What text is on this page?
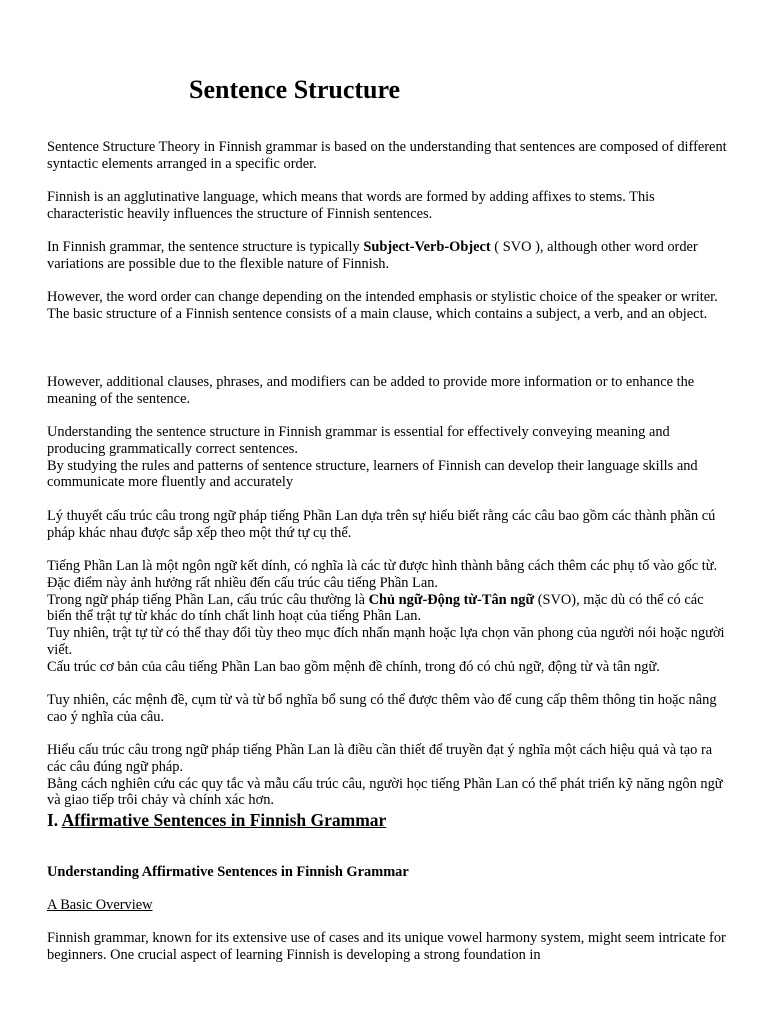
Sentence Structure

Sentence Structure Theory in Finnish grammar is based on the understanding that sentences are composed of different syntactic elements arranged in a specific order.

Finnish is an agglutinative language, which means that words are formed by adding affixes to stems. This characteristic heavily influences the structure of Finnish sentences.

In Finnish grammar, the sentence structure is typically Subject-Verb-Object ( SVO ), although other word order variations are possible due to the flexible nature of Finnish.

However, the word order can change depending on the intended emphasis or stylistic choice of the speaker or writer.
The basic structure of a Finnish sentence consists of a main clause, which contains a subject, a verb, and an object.

However, additional clauses, phrases, and modifiers can be added to provide more information or to enhance the meaning of the sentence.

Understanding the sentence structure in Finnish grammar is essential for effectively conveying meaning and producing grammatically correct sentences.
By studying the rules and patterns of sentence structure, learners of Finnish can develop their language skills and communicate more fluently and accurately

Lý thuyết cấu trúc câu trong ngữ pháp tiếng Phần Lan dựa trên sự hiểu biết rằng các câu bao gồm các thành phần cú pháp khác nhau được sắp xếp theo một thứ tự cụ thể.

Tiếng Phần Lan là một ngôn ngữ kết dính, có nghĩa là các từ được hình thành bằng cách thêm các phụ tố vào gốc từ. Đặc điểm này ảnh hưởng rất nhiều đến cấu trúc câu tiếng Phần Lan.
Trong ngữ pháp tiếng Phần Lan, cấu trúc câu thường là Chủ ngữ-Động từ-Tân ngữ (SVO), mặc dù có thể có các biến thể trật tự từ khác do tính chất linh hoạt của tiếng Phần Lan.
Tuy nhiên, trật tự từ có thể thay đổi tùy theo mục đích nhấn mạnh hoặc lựa chọn văn phong của người nói hoặc người viết.
Cấu trúc cơ bản của câu tiếng Phần Lan bao gồm mệnh đề chính, trong đó có chủ ngữ, động từ và tân ngữ.

Tuy nhiên, các mệnh đề, cụm từ và từ bổ nghĩa bổ sung có thể được thêm vào để cung cấp thêm thông tin hoặc nâng cao ý nghĩa của câu.

Hiểu cấu trúc câu trong ngữ pháp tiếng Phần Lan là điều cần thiết để truyền đạt ý nghĩa một cách hiệu quả và tạo ra các câu đúng ngữ pháp.
Bằng cách nghiên cứu các quy tắc và mẫu cấu trúc câu, người học tiếng Phần Lan có thể phát triển kỹ năng ngôn ngữ và giao tiếp trôi chảy và chính xác hơn.

I. Affirmative Sentences in Finnish Grammar
Understanding Affirmative Sentences in Finnish Grammar
A Basic Overview

Finnish grammar, known for its extensive use of cases and its unique vowel harmony system, might seem intricate for beginners. One crucial aspect of learning Finnish is developing a strong foundation in
